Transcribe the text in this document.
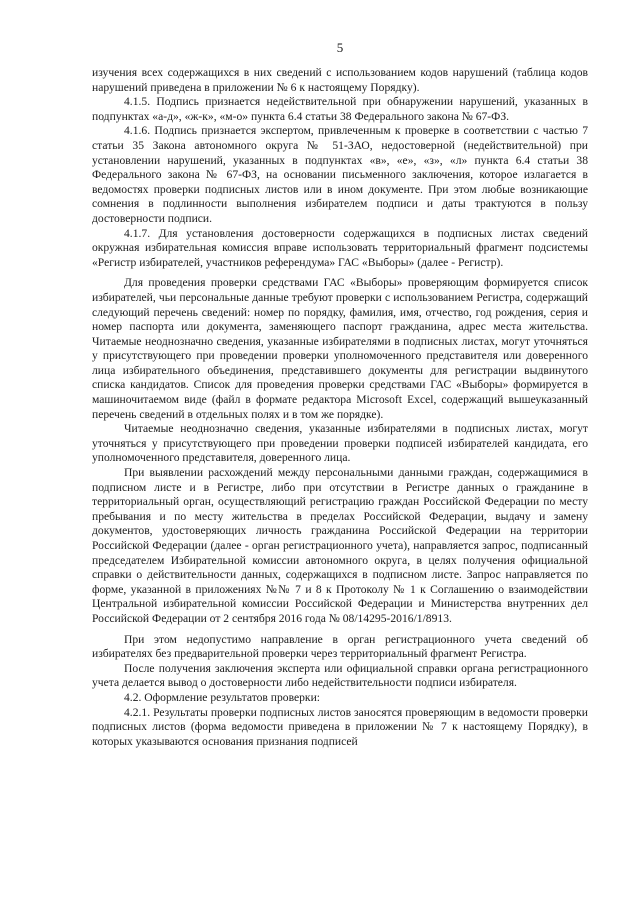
5

изучения всех содержащихся в них сведений с использованием кодов нарушений (таблица кодов нарушений приведена в приложении № 6 к настоящему Порядку).

4.1.5. Подпись признается недействительной при обнаружении нарушений, указанных в подпунктах «а-д», «ж-к», «м-о» пункта 6.4 статьи 38 Федерального закона № 67-ФЗ.

4.1.6. Подпись признается экспертом, привлеченным к проверке в соответствии с частью 7 статьи 35 Закона автономного округа № 51-ЗАО, недостоверной (недействительной) при установлении нарушений, указанных в подпунктах «в», «е», «з», «л» пункта 6.4 статьи 38 Федерального закона № 67-ФЗ, на основании письменного заключения, которое излагается в ведомостях проверки подписных листов или в ином документе. При этом любые возникающие сомнения в подлинности выполнения избирателем подписи и даты трактуются в пользу достоверности подписи.

4.1.7. Для установления достоверности содержащихся в подписных листах сведений окружная избирательная комиссия вправе использовать территориальный фрагмент подсистемы «Регистр избирателей, участников референдума» ГАС «Выборы» (далее - Регистр).

Для проведения проверки средствами ГАС «Выборы» проверяющим формируется список избирателей, чьи персональные данные требуют проверки с использованием Регистра, содержащий следующий перечень сведений: номер по порядку, фамилия, имя, отчество, год рождения, серия и номер паспорта или документа, заменяющего паспорт гражданина, адрес места жительства. Читаемые неоднозначно сведения, указанные избирателями в подписных листах, могут уточняться у присутствующего при проведении проверки уполномоченного представителя или доверенного лица избирательного объединения, представившего документы для регистрации выдвинутого списка кандидатов. Список для проведения проверки средствами ГАС «Выборы» формируется в машиночитаемом виде (файл в формате редактора Microsoft Excel, содержащий вышеуказанный перечень сведений в отдельных полях и в том же порядке).

Читаемые неоднозначно сведения, указанные избирателями в подписных листах, могут уточняться у присутствующего при проведении проверки подписей избирателей кандидата, его уполномоченного представителя, доверенного лица.

При выявлении расхождений между персональными данными граждан, содержащимися в подписном листе и в Регистре, либо при отсутствии в Регистре данных о гражданине в территориальный орган, осуществляющий регистрацию граждан Российской Федерации по месту пребывания и по месту жительства в пределах Российской Федерации, выдачу и замену документов, удостоверяющих личность гражданина Российской Федерации на территории Российской Федерации (далее - орган регистрационного учета), направляется запрос, подписанный председателем Избирательной комиссии автономного округа, в целях получения официальной справки о действительности данных, содержащихся в подписном листе. Запрос направляется по форме, указанной в приложениях №№ 7 и 8 к Протоколу № 1 к Соглашению о взаимодействии Центральной избирательной комиссии Российской Федерации и Министерства внутренних дел Российской Федерации от 2 сентября 2016 года № 08/14295-2016/1/8913.

При этом недопустимо направление в орган регистрационного учета сведений об избирателях без предварительной проверки через территориальный фрагмент Регистра.

После получения заключения эксперта или официальной справки органа регистрационного учета делается вывод о достоверности либо недействительности подписи избирателя.

4.2. Оформление результатов проверки:

4.2.1. Результаты проверки подписных листов заносятся проверяющим в ведомости проверки подписных листов (форма ведомости приведена в приложении № 7 к настоящему Порядку), в которых указываются основания признания подписей
